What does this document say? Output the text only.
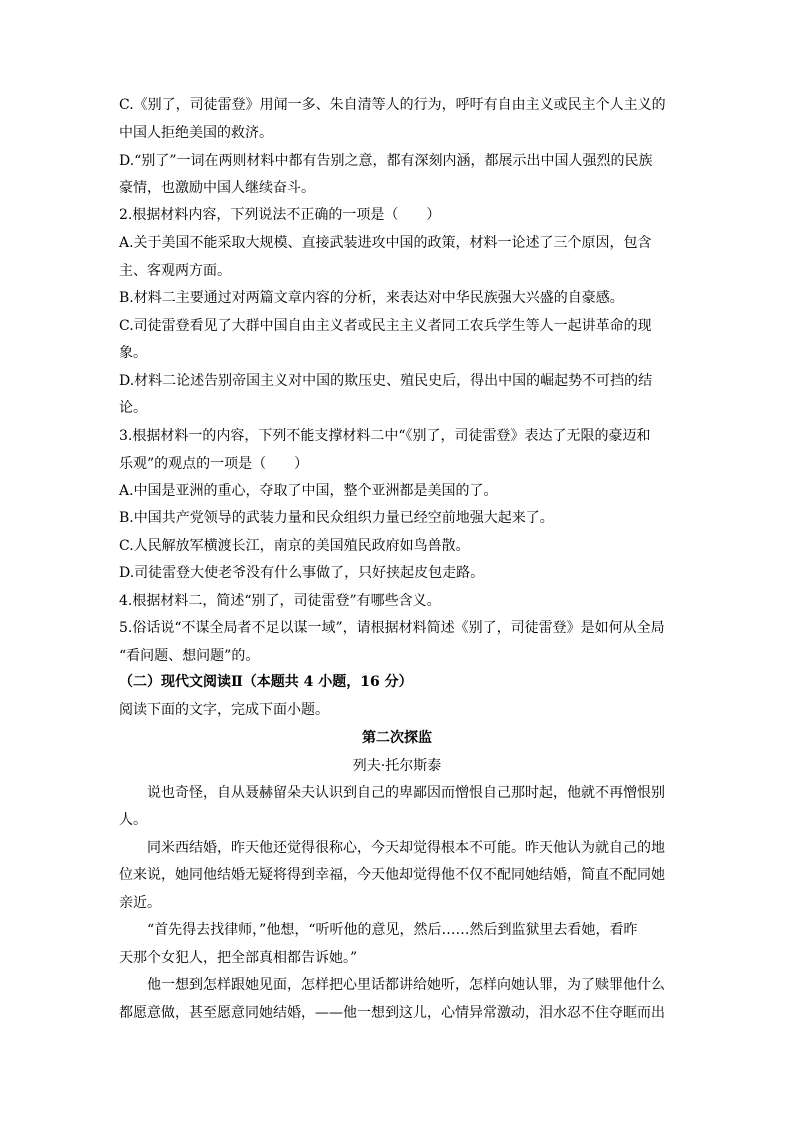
C.《别了，司徒雷登》用闻一多、朱自清等人的行为，呼吁有自由主义或民主个人主义的
中国人拒绝美国的救济。
D.“别了”一词在两则材料中都有告别之意，都有深刻内涵，都展示出中国人强烈的民族
豪情，也激励中国人继续奋斗。
2.根据材料内容，下列说法不正确的一项是（　　）
A.关于美国不能采取大规模、直接武装进攻中国的政策，材料一论述了三个原因，包含
主、客观两方面。
B.材料二主要通过对两篇文章内容的分析，来表达对中华民族强大兴盛的自豪感。
C.司徒雷登看见了大群中国自由主义者或民主主义者同工农兵学生等人一起讲革命的现
象。
D.材料二论述告别帝国主义对中国的欺压史、殖民史后，得出中国的崛起势不可挡的结
论。
3.根据材料一的内容，下列不能支撑材料二中“《别了，司徒雷登》表达了无限的豪迈和
乐观”的观点的一项是（　　）
A.中国是亚洲的重心，夺取了中国，整个亚洲都是美国的了。
B.中国共产党领导的武装力量和民众组织力量已经空前地强大起来了。
C.人民解放军横渡长江，南京的美国殖民政府如鸟兽散。
D.司徒雷登大使老爷没有什么事做了，只好挟起皮包走路。
4.根据材料二，简述“别了，司徒雷登”有哪些含义。
5.俗话说“不谋全局者不足以谋一域”，请根据材料简述《别了，司徒雷登》是如何从全局
“看问题、想问题”的。
（二）现代文阅读Ⅱ（本题共 4 小题，16 分）
阅读下面的文字，完成下面小题。
第二次探监
列夫·托尔斯泰
说也奇怪，自从聂赫留朵夫认识到自己的卑鄙因而憎恨自己那时起，他就不再憎恨别
人。
同米西结婚，昨天他还觉得很称心，今天却觉得根本不可能。昨天他认为就自己的地
位来说，她同他结婚无疑将得到幸福，今天他却觉得他不仅不配同她结婚，简直不配同她
亲近。
“首先得去找律师，”他想，“听听他的意见，然后……然后到监狱里去看她，看昨
天那个女犯人，把全部真相都告诉她。”
他一想到怎样跟她见面，怎样把心里话都讲给她听，怎样向她认罪，为了赎罪他什么
都愿意做，甚至愿意同她结婚，——他一想到这儿，心情异常激动，泪水忍不住夺眶而出
